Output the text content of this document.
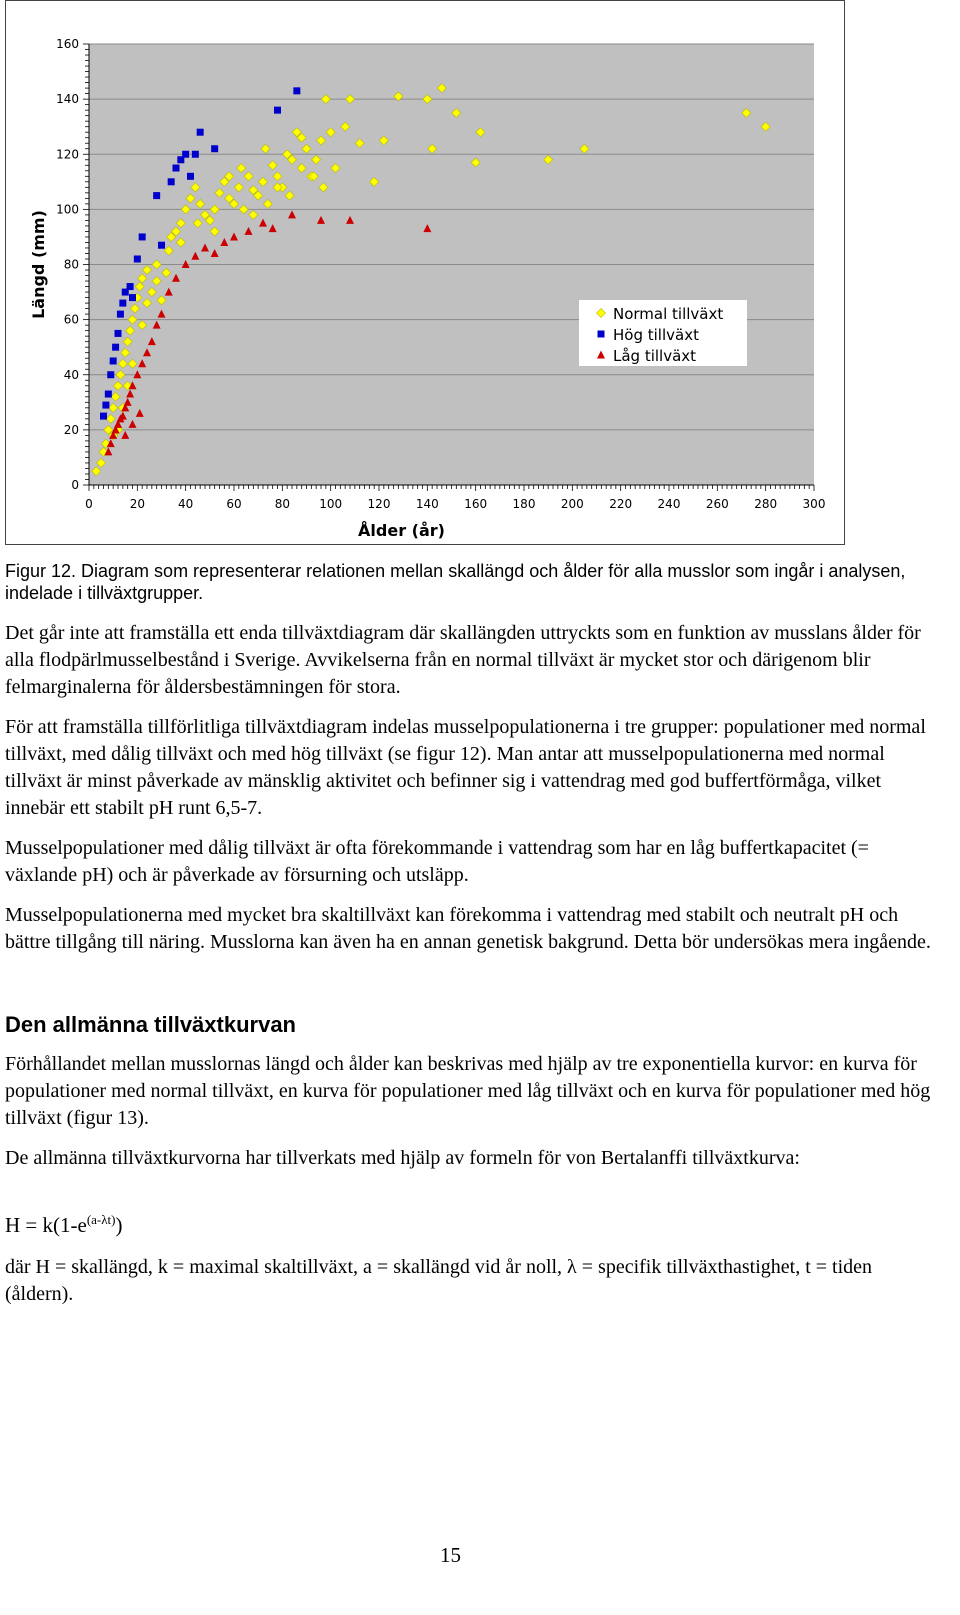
0	20	40	60	80 100 120 140 160 180 200 220 240 260 280 300
0
20
40
60
80
100
120
140
160
Ålder (år)
Längd (mm)	Normal tillväxt
Hög tillväxt
Låg tillväxt

Figur 12. Diagram som representerar relationen mellan skallängd och ålder för alla musslor som ingår i analysen, indelade i tillväxtgrupper.

Det går inte att framställa ett enda tillväxtdiagram där skallängden uttryckts som en funktion av musslans ålder för alla flodpärlmusselbestånd i Sverige. Avvikelserna från en normal tillväxt är mycket stor och därigenom blir felmarginalerna för åldersbestämningen för stora.

För att framställa tillförlitliga tillväxtdiagram indelas musselpopulationerna i tre grupper: populationer med normal tillväxt, med dålig tillväxt och med hög tillväxt (se figur 12). Man antar att musselpopulationerna med normal tillväxt är minst påverkade av mänsklig aktivitet och befinner sig i vattendrag med god buffertförmåga, vilket innebär ett stabilt pH runt 6,5-7.

Musselpopulationer med dålig tillväxt är ofta förekommande i vattendrag som har en låg buffertkapacitet (= växlande pH) och är påverkade av försurning och utsläpp.

Musselpopulationerna med mycket bra skaltillväxt kan förekomma i vattendrag med stabilt och neutralt pH och bättre tillgång till näring. Musslorna kan även ha en annan genetisk bakgrund. Detta bör undersökas mera ingående.

Den allmänna tillväxtkurvan

Förhållandet mellan musslornas längd och ålder kan beskrivas med hjälp av tre exponentiella kurvor: en kurva för populationer med normal tillväxt, en kurva för populationer med låg tillväxt och en kurva för populationer med hög tillväxt (figur 13).

De allmänna tillväxtkurvorna har tillverkats med hjälp av formeln för von Bertalanffi tillväxtkurva:

$H = k(1-e^{(a-\lambda t)})$

där H = skallängd, k = maximal skaltillväxt, a = skallängd vid år noll, λ = specifik tillväxthastighet, t = tiden (åldern).

15
